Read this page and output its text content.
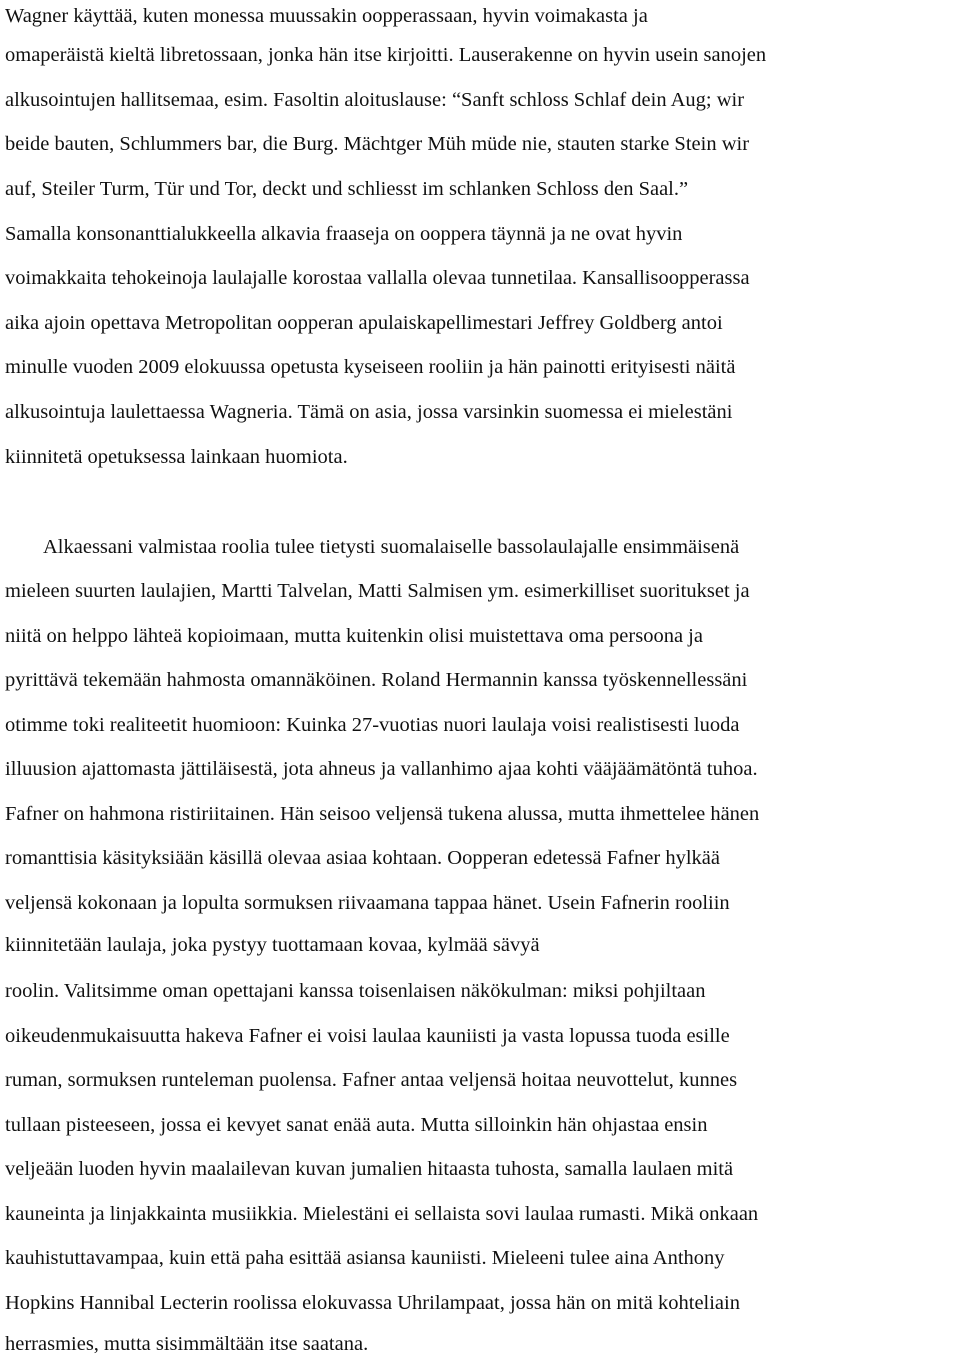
Wagner käyttää, kuten monessa muussakin oopperassaan, hyvin voimakasta ja
omaperäistä kieltä libretossaan, jonka hän itse kirjoitti. Lauserakenne on hyvin usein sanojen
alkusointujen hallitsemaa, esim. Fasoltin aloituslause: “Sanft schloss Schlaf dein Aug; wir
beide bauten, Schlummers bar, die Burg. Mächtger Müh müde nie, stauten starke Stein wir
auf, Steiler Turm, Tür und Tor, deckt und schliesst im schlanken Schloss den Saal.”
Samalla konsonanttialukkeella alkavia fraaseja on ooppera täynnä ja ne ovat hyvin
voimakkaita tehokeinoja laulajalle korostaa vallalla olevaa tunnetilaa. Kansallisoopperassa
aika ajoin opettava Metropolitan oopperan apulaiskapellimestari Jeffrey Goldberg antoi
minulle vuoden 2009 elokuussa opetusta kyseiseen rooliin ja hän painotti erityisesti näitä
alkusointuja laulettaessa Wagneria. Tämä on asia, jossa varsinkin suomessa ei mielestäni
kiinnitetä opetuksessa lainkaan huomiota.
Alkaessani valmistaa roolia tulee tietysti suomalaiselle bassolaulajalle ensimmäisenä
mieleen suurten laulajien, Martti Talvelan, Matti Salmisen ym. esimerkilliset suoritukset ja
niitä on helppo lähteä kopioimaan, mutta kuitenkin olisi muistettava oma persoona ja
pyrittävä tekemään hahmosta omannäköinen. Roland Hermannin kanssa työskennellessäni
otimme toki realiteetit huomioon: Kuinka 27-vuotias nuori laulaja voisi realistisesti luoda
illuusion ajattomasta jättiläisestä, jota ahneus ja vallanhimo ajaa kohti vääjäämätöntä tuhoa.
Fafner on hahmona ristiriitainen. Hän seisoo veljensä tukena alussa, mutta ihmettelee hänen
romanttisia käsityksiään käsillä olevaa asiaa kohtaan. Oopperan edetessä Fafner hylkää
veljensä kokonaan ja lopulta sormuksen riivaamana tappaa hänet. Usein Fafnerin rooliin
kiinnitetään laulaja, joka pystyy tuottamaan kovaa, kylmää sävyä
roolin. Valitsimme oman opettajani kanssa toisenlaisen näkökulman: miksi pohjiltaan
oikeudenmukaisuutta hakeva Fafner ei voisi laulaa kauniisti ja vasta lopussa tuoda esille
ruman, sormuksen runteleman puolensa. Fafner antaa veljensä hoitaa neuvottelut, kunnes
tullaan pisteeseen, jossa ei kevyet sanat enää auta. Mutta silloinkin hän ohjastaa ensin
veljeään luoden hyvin maalailevan kuvan jumalien hitaasta tuhosta, samalla laulaen mitä
kauneinta ja linjakkainta musiikkia. Mielestäni ei sellaista sovi laulaa rumasti. Mikä onkaan
kauhistuttavampaa, kuin että paha esittää asiansa kauniisti. Mieleeni tulee aina Anthony
Hopkins Hannibal Lecterin roolissa elokuvassa Uhrilampaat, jossa hän on mitä kohteliain
herrasmies, mutta sisimmältään itse saatana.
